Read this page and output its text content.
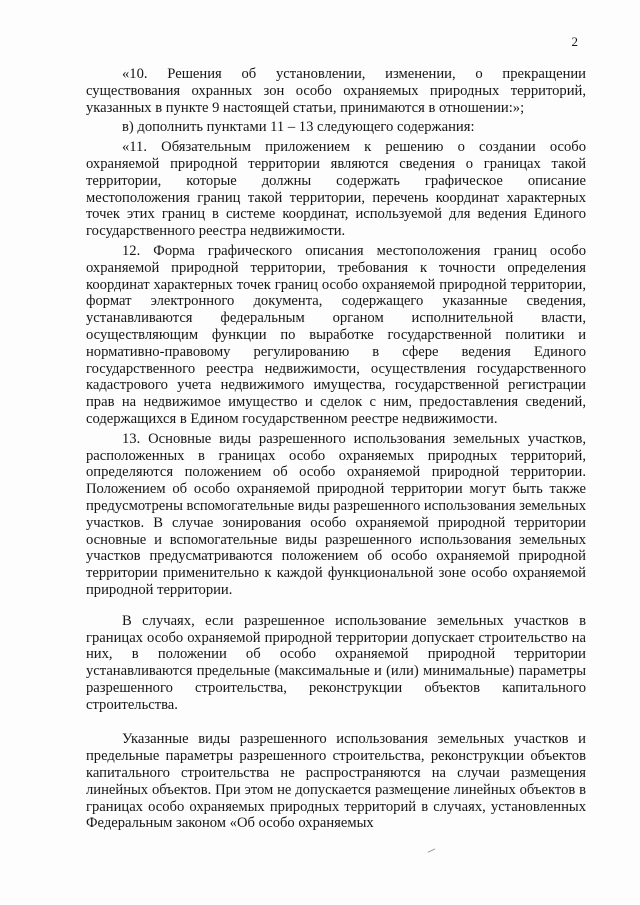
2

«10. Решения об установлении, изменении, о прекращении существования охранных зон особо охраняемых природных территорий, указанных в пункте 9 настоящей статьи, принимаются в отношении:»;

в) дополнить пунктами 11 – 13 следующего содержания:

«11. Обязательным приложением к решению о создании особо охраняемой природной территории являются сведения о границах такой территории, которые должны содержать графическое описание местоположения границ такой территории, перечень координат характерных точек этих границ в системе координат, используемой для ведения Единого государственного реестра недвижимости.

12. Форма графического описания местоположения границ особо охраняемой природной территории, требования к точности определения координат характерных точек границ особо охраняемой природной территории, формат электронного документа, содержащего указанные сведения, устанавливаются федеральным органом исполнительной власти, осуществляющим функции по выработке государственной политики и нормативно-правовому регулированию в сфере ведения Единого государственного реестра недвижимости, осуществления государственного кадастрового учета недвижимого имущества, государственной регистрации прав на недвижимое имущество и сделок с ним, предоставления сведений, содержащихся в Едином государственном реестре недвижимости.

13. Основные виды разрешенного использования земельных участков, расположенных в границах особо охраняемых природных территорий, определяются положением об особо охраняемой природной территории. Положением об особо охраняемой природной территории могут быть также предусмотрены вспомогательные виды разрешенного использования земельных участков. В случае зонирования особо охраняемой природной территории основные и вспомогательные виды разрешенного использования земельных участков предусматриваются положением об особо охраняемой природной территории применительно к каждой функциональной зоне особо охраняемой природной территории.

В случаях, если разрешенное использование земельных участков в границах особо охраняемой природной территории допускает строительство на них, в положении об особо охраняемой природной территории устанавливаются предельные (максимальные и (или) минимальные) параметры разрешенного строительства, реконструкции объектов капитального строительства.

Указанные виды разрешенного использования земельных участков и предельные параметры разрешенного строительства, реконструкции объектов капитального строительства не распространяются на случаи размещения линейных объектов. При этом не допускается размещение линейных объектов в границах особо охраняемых природных территорий в случаях, установленных Федеральным законом «Об особо охраняемых
